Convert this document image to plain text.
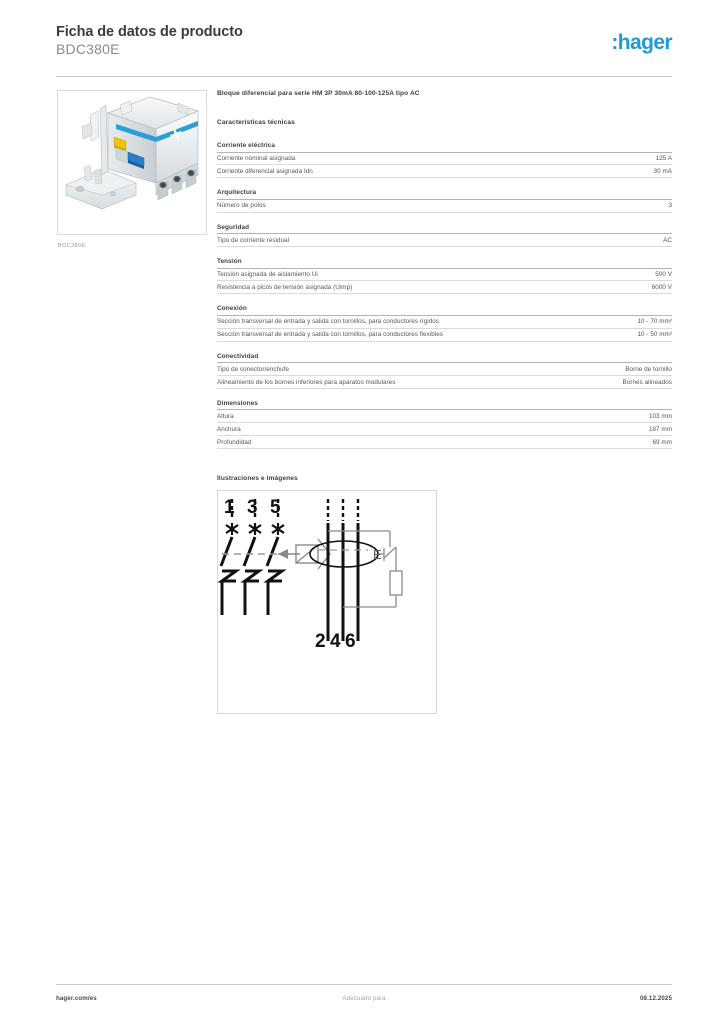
Ficha de datos de producto
BDC380E	:hager
BDC380E
Bloque diferencial para serie HM 3P 30mA 80-100-125A tipo AC
Características técnicas
Corriente eléctrica
Corriente nominal asignada	125 A
Corriente diferencial asignada Idn	30 mA
Arquitectura
Número de polos	3
Seguridad
Tipo de corriente residual	AC
Tensión
Tensión asignada de aislamiento Ui	500 V
Resistencia a picos de tensión asignada (Uimp)	6000 V
Conexión
Sección transversal de entrada y salida con tornillos, para conductores rígidos	10 - 70 mm²
Sección transversal de entrada y salida con tornillos, para conductores flexibles	10 - 50 mm²
Conectividad
Tipo de conector/enchufe	Borne de tornillo
Alineamiento de los bornes inferiores para aparatos modulares	Bornes alineados
Dimensiones
Altura	103 mm
Anchura	187 mm
Profundidad	69 mm
Ilustraciones e imágenes
1 3 5
2 4 6
E
hager.com/es	Adecuado para	08.12.2025
